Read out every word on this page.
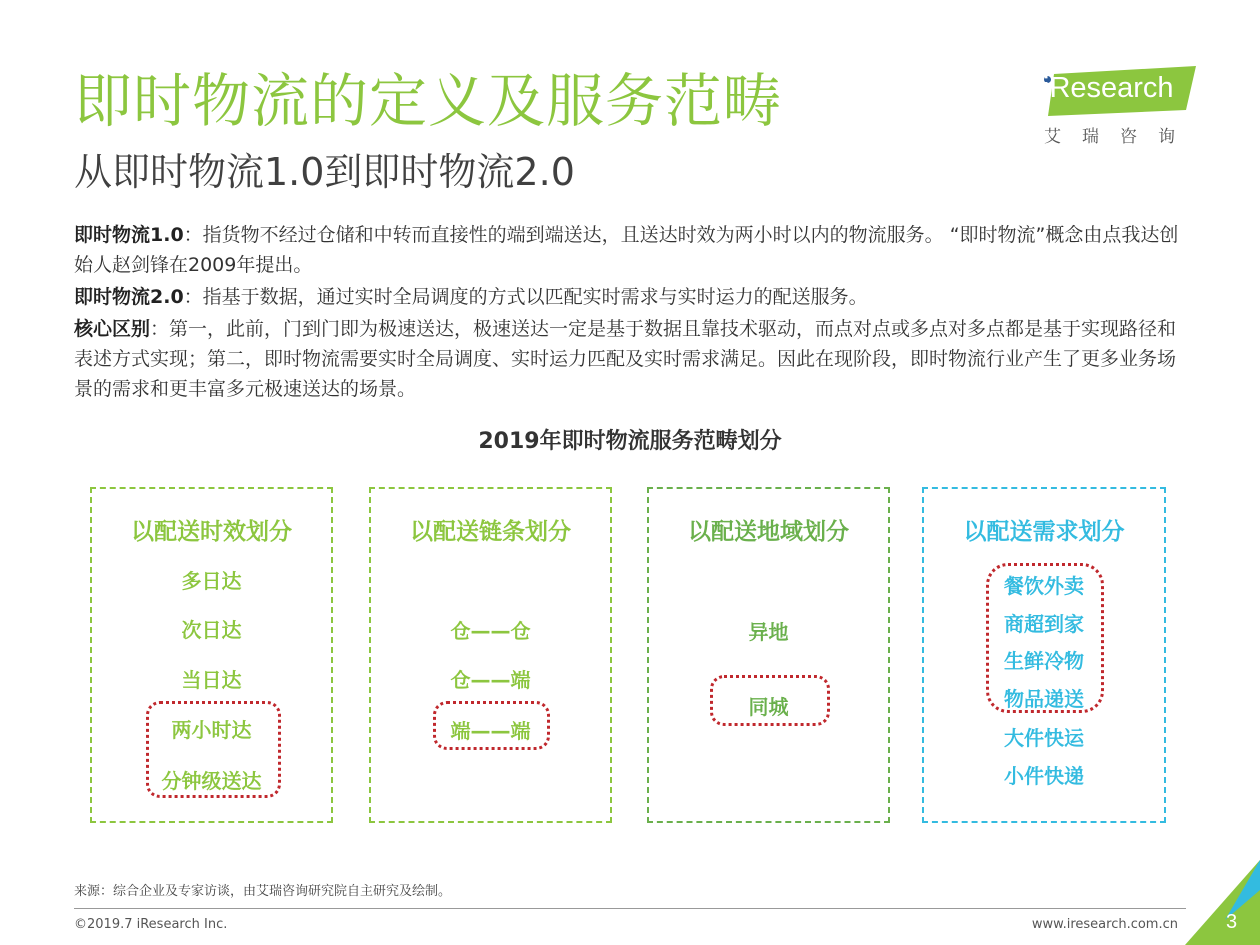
即时物流的定义及服务范畴
从即时物流1.0到即时物流2.0
iResearch
艾瑞咨询

即时物流1.0：指货物不经过仓储和中转而直接性的端到端送达，且送达时效为两小时以内的物流服务。 “即时物流”概念由点我达创始人赵剑锋在2009年提出。

即时物流2.0：指基于数据，通过实时全局调度的方式以匹配实时需求与实时运力的配送服务。

核心区别：第一，此前，门到门即为极速送达，极速送达一定是基于数据且靠技术驱动，而点对点或多点对多点都是基于实现路径和表述方式实现；第二，即时物流需要实时全局调度、实时运力匹配及实时需求满足。因此在现阶段，即时物流行业产生了更多业务场景的需求和更丰富多元极速送达的场景。

2019年即时物流服务范畴划分
以配送时效划分
多日达
次日达
当日达
两小时达
分钟级送达
以配送链条划分
仓——仓
仓——端
端——端
以配送地域划分
异地
同城
以配送需求划分
餐饮外卖
商超到家
生鲜冷物
物品递送
大件快运
小件快递
来源：综合企业及专家访谈，由艾瑞咨询研究院自主研究及绘制。
©2019.7 iResearch Inc.	www.iresearch.com.cn 3
